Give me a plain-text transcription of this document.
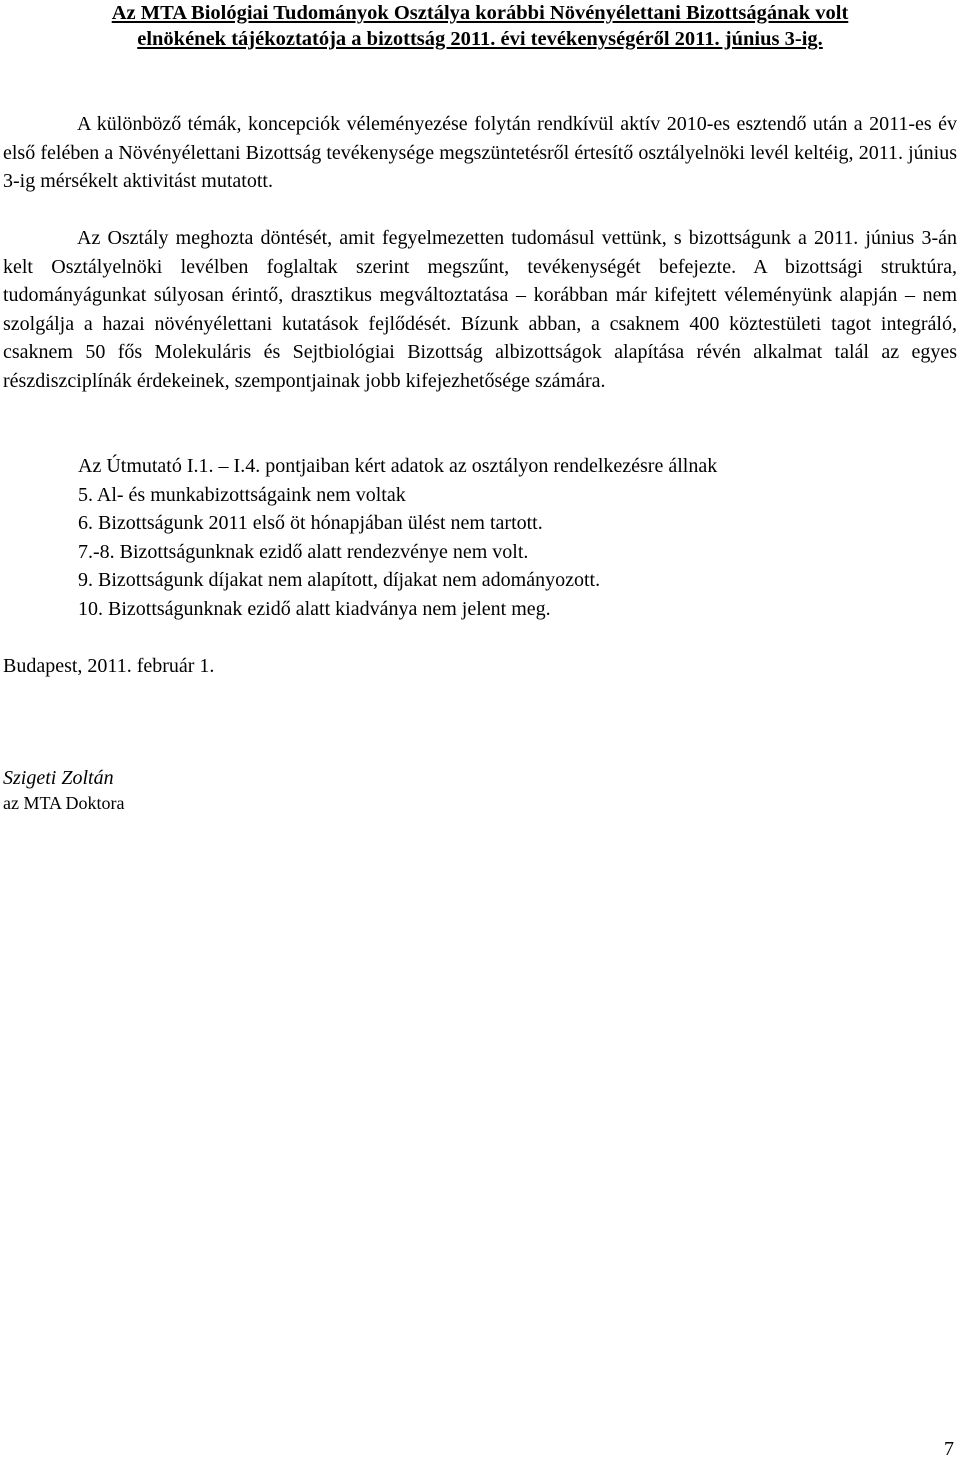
Az MTA Biológiai Tudományok Osztálya korábbi Növényélettani Bizottságának volt
elnökének tájékoztatója a bizottság 2011. évi tevékenységéről 2011. június 3-ig.

A különböző témák, koncepciók véleményezése folytán rendkívül aktív 2010-es esztendő után a 2011-es év első felében a Növényélettani Bizottság tevékenysége megszüntetésről értesítő osztályelnöki levél keltéig, 2011. június 3-ig mérsékelt aktivitást mutatott.

Az Osztály meghozta döntését, amit fegyelmezetten tudomásul vettünk, s bizottságunk a 2011. június 3-án kelt Osztályelnöki levélben foglaltak szerint megszűnt, tevékenységét befejezte. A bizottsági struktúra, tudományágunkat súlyosan érintő, drasztikus megváltoztatása – korábban már kifejtett véleményünk alapján – nem szolgálja a hazai növényélettani kutatások fejlődését. Bízunk abban, a csaknem 400 köztestületi tagot integráló, csaknem 50 fős Molekuláris és Sejtbiológiai Bizottság albizottságok alapítása révén alkalmat talál az egyes részdiszciplínák érdekeinek, szempontjainak jobb kifejezhetősége számára.

Az Útmutató I.1. – I.4. pontjaiban kért adatok az osztályon rendelkezésre állnak
5. Al- és munkabizottságaink nem voltak
6. Bizottságunk 2011 első öt hónapjában ülést nem tartott.
7.-8. Bizottságunknak ezidő alatt rendezvénye nem volt.
9. Bizottságunk díjakat nem alapított, díjakat nem adományozott.
10. Bizottságunknak ezidő alatt kiadványa nem jelent meg.

Budapest, 2011. február 1.

Szigeti Zoltán

az MTA Doktora

7
